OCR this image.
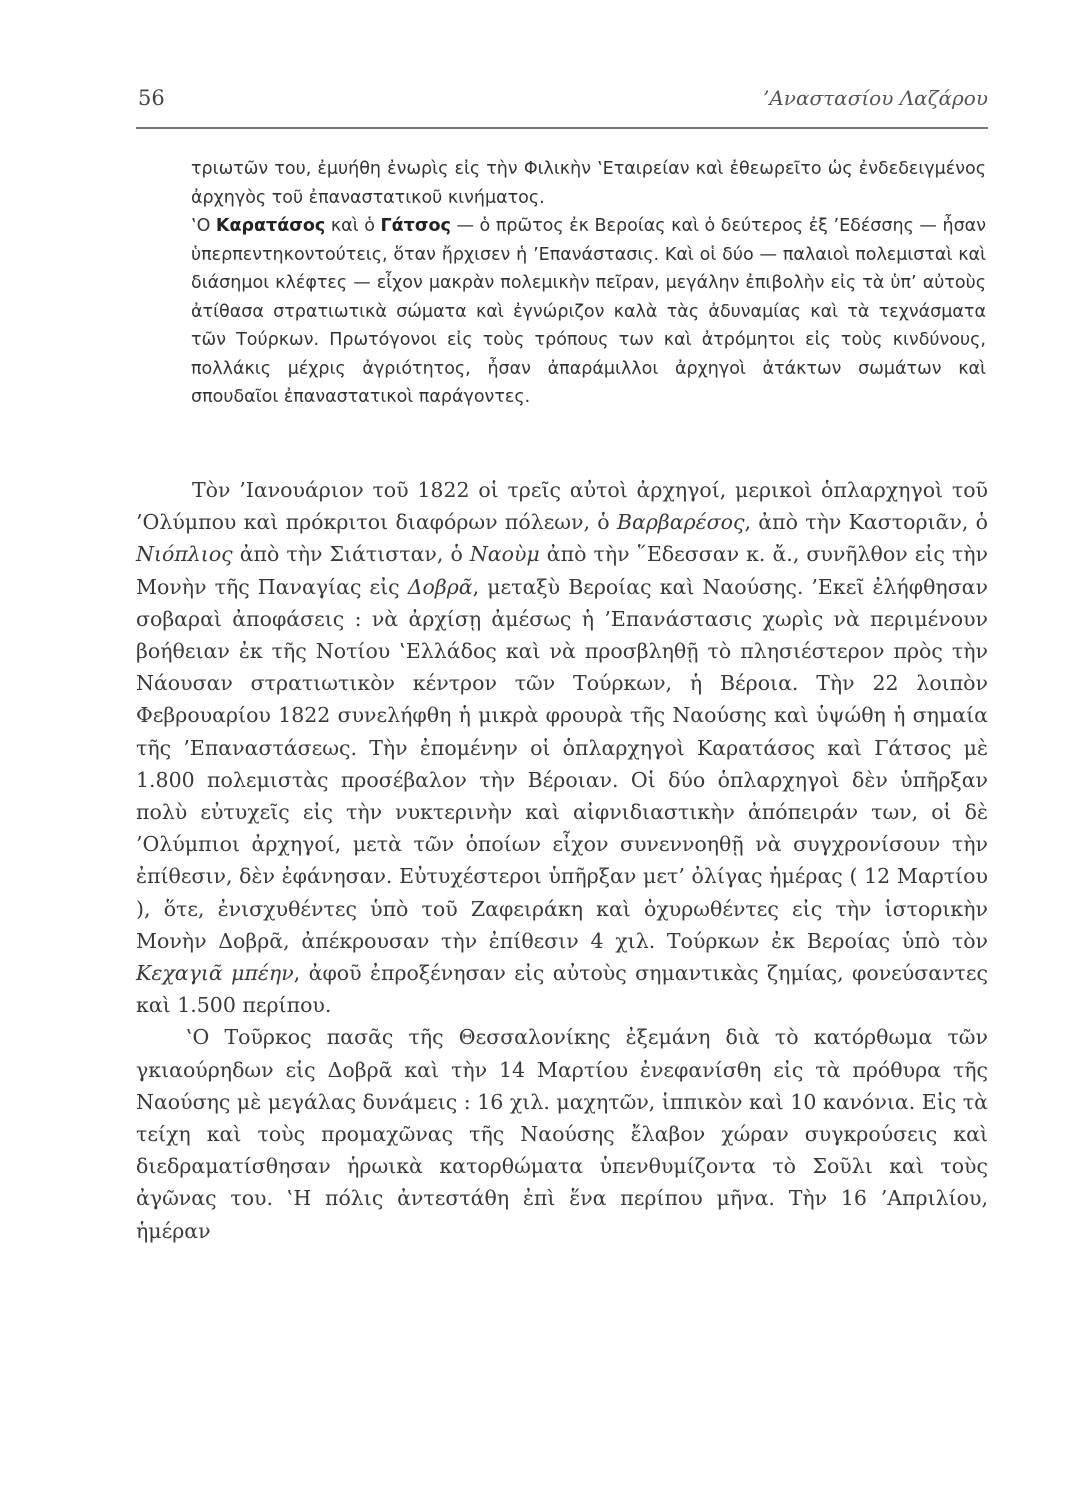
56	’Αναστασίου Λαζάρου

τριωτῶν του, ἐμυήθη ἐνωρὶς εἰς τὴν Φιλικὴν ‛Εταιρείαν καὶ ἐθεωρεῖτο ὡς ἐνδεδειγμένος ἀρχηγὸς τοῦ ἐπαναστατικοῦ κινήματος.

‛Ο Καρατάσος καὶ ὁ Γάτσος — ὁ πρῶτος ἐκ Βεροίας καὶ ὁ δεύτερος ἐξ ’Εδέσσης — ἦσαν ὑπερπεντηκοντούτεις, ὅταν ἤρχισεν ἡ ’Επανάστασις. Καὶ οἱ δύο — παλαιοὶ πολεμισταὶ καὶ διάσημοι κλέφτες — εἶχον μακρὰν πολεμικὴν πεῖραν, μεγάλην ἐπιβολὴν εἰς τὰ ὑπ’ αὐτοὺς ἀτίθασα στρατιωτικὰ σώματα καὶ ἐγνώριζον καλὰ τὰς ἀδυναμίας καὶ τὰ τεχνάσματα τῶν Τούρκων. Πρωτόγονοι εἰς τοὺς τρόπους των καὶ ἀτρόμητοι εἰς τοὺς κινδύνους, πολλάκις μέχρις ἀγριότητος, ἦσαν ἀπαράμιλλοι ἀρχηγοὶ ἀτάκτων σωμάτων καὶ σπουδαῖοι ἐπαναστατικοὶ παράγοντες.

Τὸν ’Ιανουάριον τοῦ 1822 οἱ τρεῖς αὐτοὶ ἀρχηγοί, μερικοὶ ὁπλαρχηγοὶ τοῦ ’Ολύμπου καὶ πρόκριτοι διαφόρων πόλεων, ὁ Βαρβαρέσος, ἀπὸ τὴν Καστοριᾶν, ὁ Νιόπλιος ἀπὸ τὴν Σιάτισταν, ὁ Ναοὺμ ἀπὸ τὴν ῞Εδεσσαν κ. ἄ., συνῆλθον εἰς τὴν Μονὴν τῆς Παναγίας εἰς Δοβρᾶ, μεταξὺ Βεροίας καὶ Ναούσης. ’Εκεῖ ἐλήφθησαν σοβαραὶ ἀποφάσεις : νὰ ἀρχίσῃ ἀμέσως ἡ ’Επανάστασις χωρὶς νὰ περιμένουν βοήθειαν ἐκ τῆς Νοτίου ‛Ελλάδος καὶ νὰ προσβληθῇ τὸ πλησιέστερον πρὸς τὴν Νάουσαν στρατιωτικὸν κέντρον τῶν Τούρκων, ἡ Βέροια. Τὴν 22 λοιπὸν Φεβρουαρίου 1822 συνελήφθη ἡ μικρὰ φρουρὰ τῆς Ναούσης καὶ ὑψώθη ἡ σημαία τῆς ’Επαναστάσεως. Τὴν ἐπομένην οἱ ὁπλαρχηγοὶ Καρατάσος καὶ Γάτσος μὲ 1.800 πολεμιστὰς προσέβαλον τὴν Βέροιαν. Οἱ δύο ὁπλαρχηγοὶ δὲν ὑπῆρξαν πολὺ εὐτυχεῖς εἰς τὴν νυκτερινὴν καὶ αἰφνιδιαστικὴν ἀπόπειράν των, οἱ δὲ ’Ολύμπιοι ἀρχηγοί, μετὰ τῶν ὁποίων εἶχον συνεννοηθῇ νὰ συγχρονίσουν τὴν ἐπίθεσιν, δὲν ἐφάνησαν. Εὐτυχέστεροι ὑπῆρξαν μετ’ ὀλίγας ἡμέρας ( 12 Μαρτίου ), ὅτε, ἐνισχυθέντες ὑπὸ τοῦ Ζαφειράκη καὶ ὀχυρωθέντες εἰς τὴν ἱστορικὴν Μονὴν Δοβρᾶ, ἀπέκρουσαν τὴν ἐπίθεσιν 4 χιλ. Τούρκων ἐκ Βεροίας ὑπὸ τὸν Κεχαγιᾶ μπέην, ἀφοῦ ἐπροξένησαν εἰς αὐτοὺς σημαντικὰς ζημίας, φονεύσαντες καὶ 1.500 περίπου.

‛Ο Τοῦρκος πασᾶς τῆς Θεσσαλονίκης ἐξεμάνη διὰ τὸ κατόρθωμα τῶν γκιαούρηδων εἰς Δοβρᾶ καὶ τὴν 14 Μαρτίου ἐνεφανίσθη εἰς τὰ πρόθυρα τῆς Ναούσης μὲ μεγάλας δυνάμεις : 16 χιλ. μαχητῶν, ἱππικὸν καὶ 10 κανόνια. Εἰς τὰ τείχη καὶ τοὺς προμαχῶνας τῆς Ναούσης ἔλαβον χώραν συγκρούσεις καὶ διεδραματίσθησαν ἡρωικὰ κατορθώματα ὑπενθυμίζοντα τὸ Σοῦλι καὶ τοὺς ἀγῶνας του. ‛Η πόλις ἀντεστάθη ἐπὶ ἕνα περίπου μῆνα. Τὴν 16 ’Απριλίου, ἡμέραν
